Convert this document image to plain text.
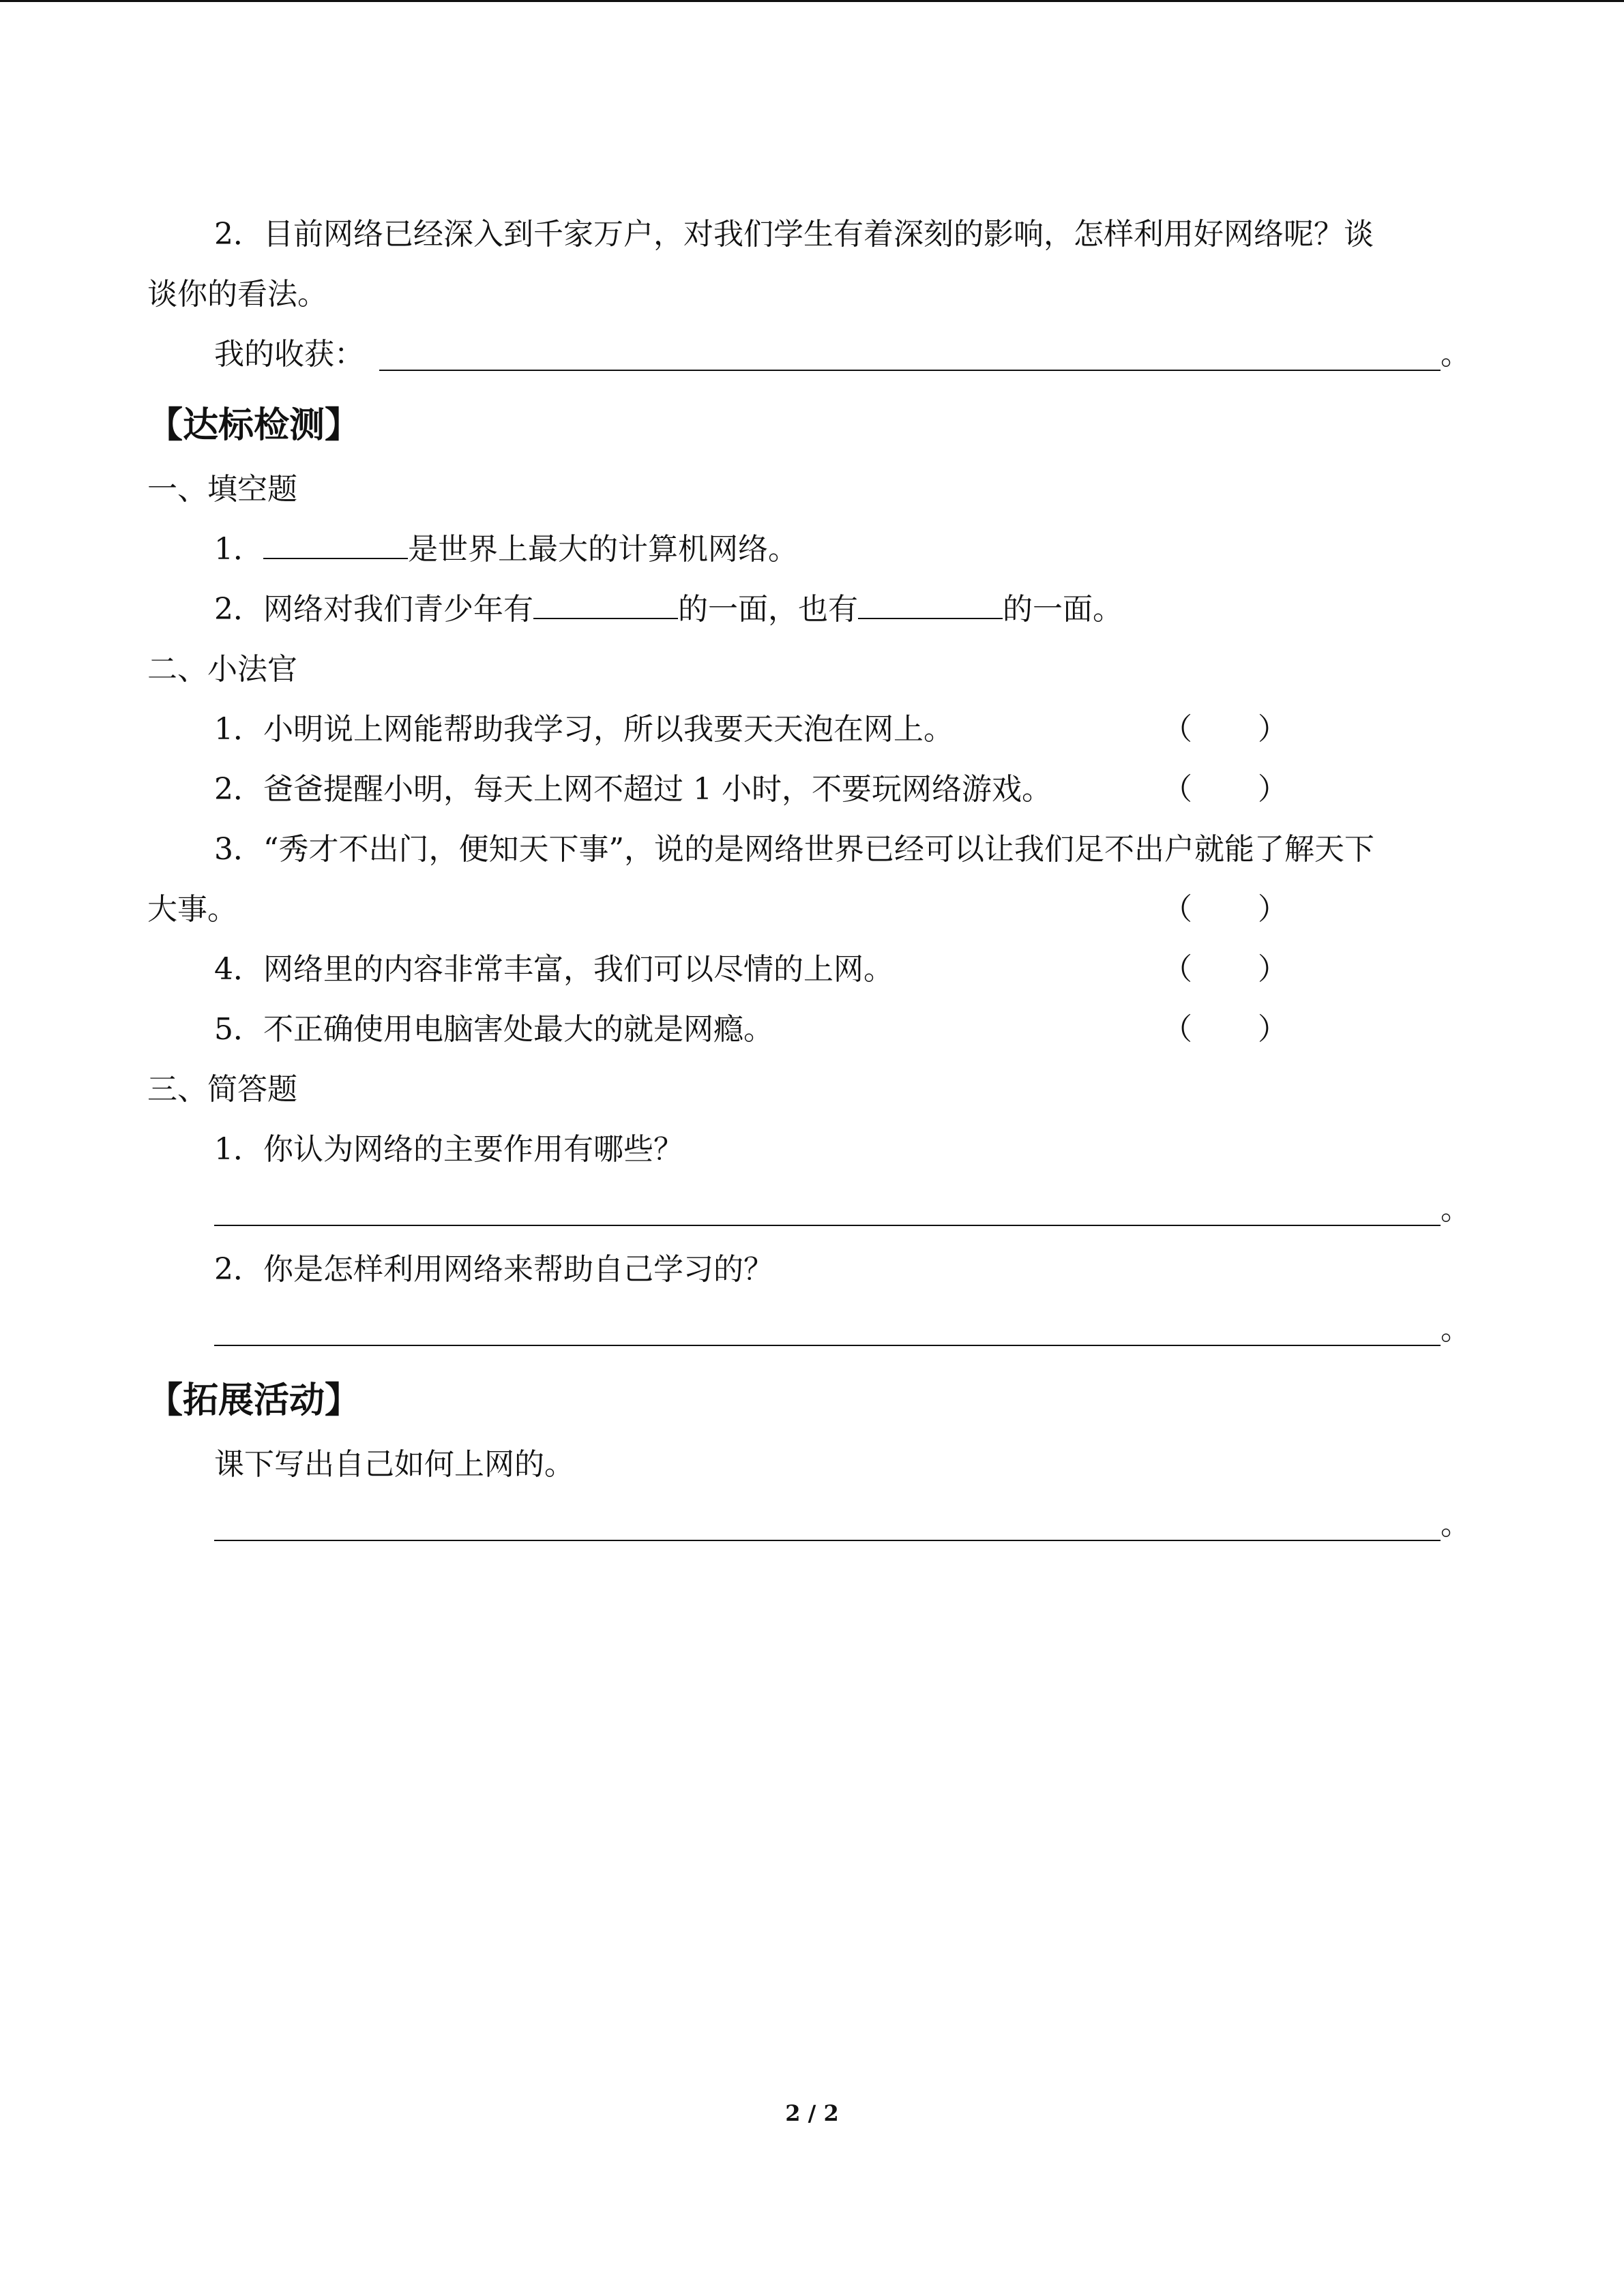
2．目前网络已经深入到千家万户，对我们学生有着深刻的影响，怎样利用好网络呢？谈
谈你的看法。
我的收获：	。
【达标检测】
一、填空题
1．	是世界上最大的计算机网络。
2．网络对我们青少年有	的一面，也有	的一面。
二、小法官
1．小明说上网能帮助我学习，所以我要天天泡在网上。	（ ）
2．爸爸提醒小明，每天上网不超过 1 小时，不要玩网络游戏。	（ ）
3．“秀才不出门，便知天下事”，说的是网络世界已经可以让我们足不出户就能了解天下
大事。	（ ）
4．网络里的内容非常丰富，我们可以尽情的上网。	（ ）
5．不正确使用电脑害处最大的就是网瘾。	（ ）
三、简答题
1．你认为网络的主要作用有哪些？
。
2．你是怎样利用网络来帮助自己学习的？
。
【拓展活动】
课下写出自己如何上网的。
。
2 / 2
